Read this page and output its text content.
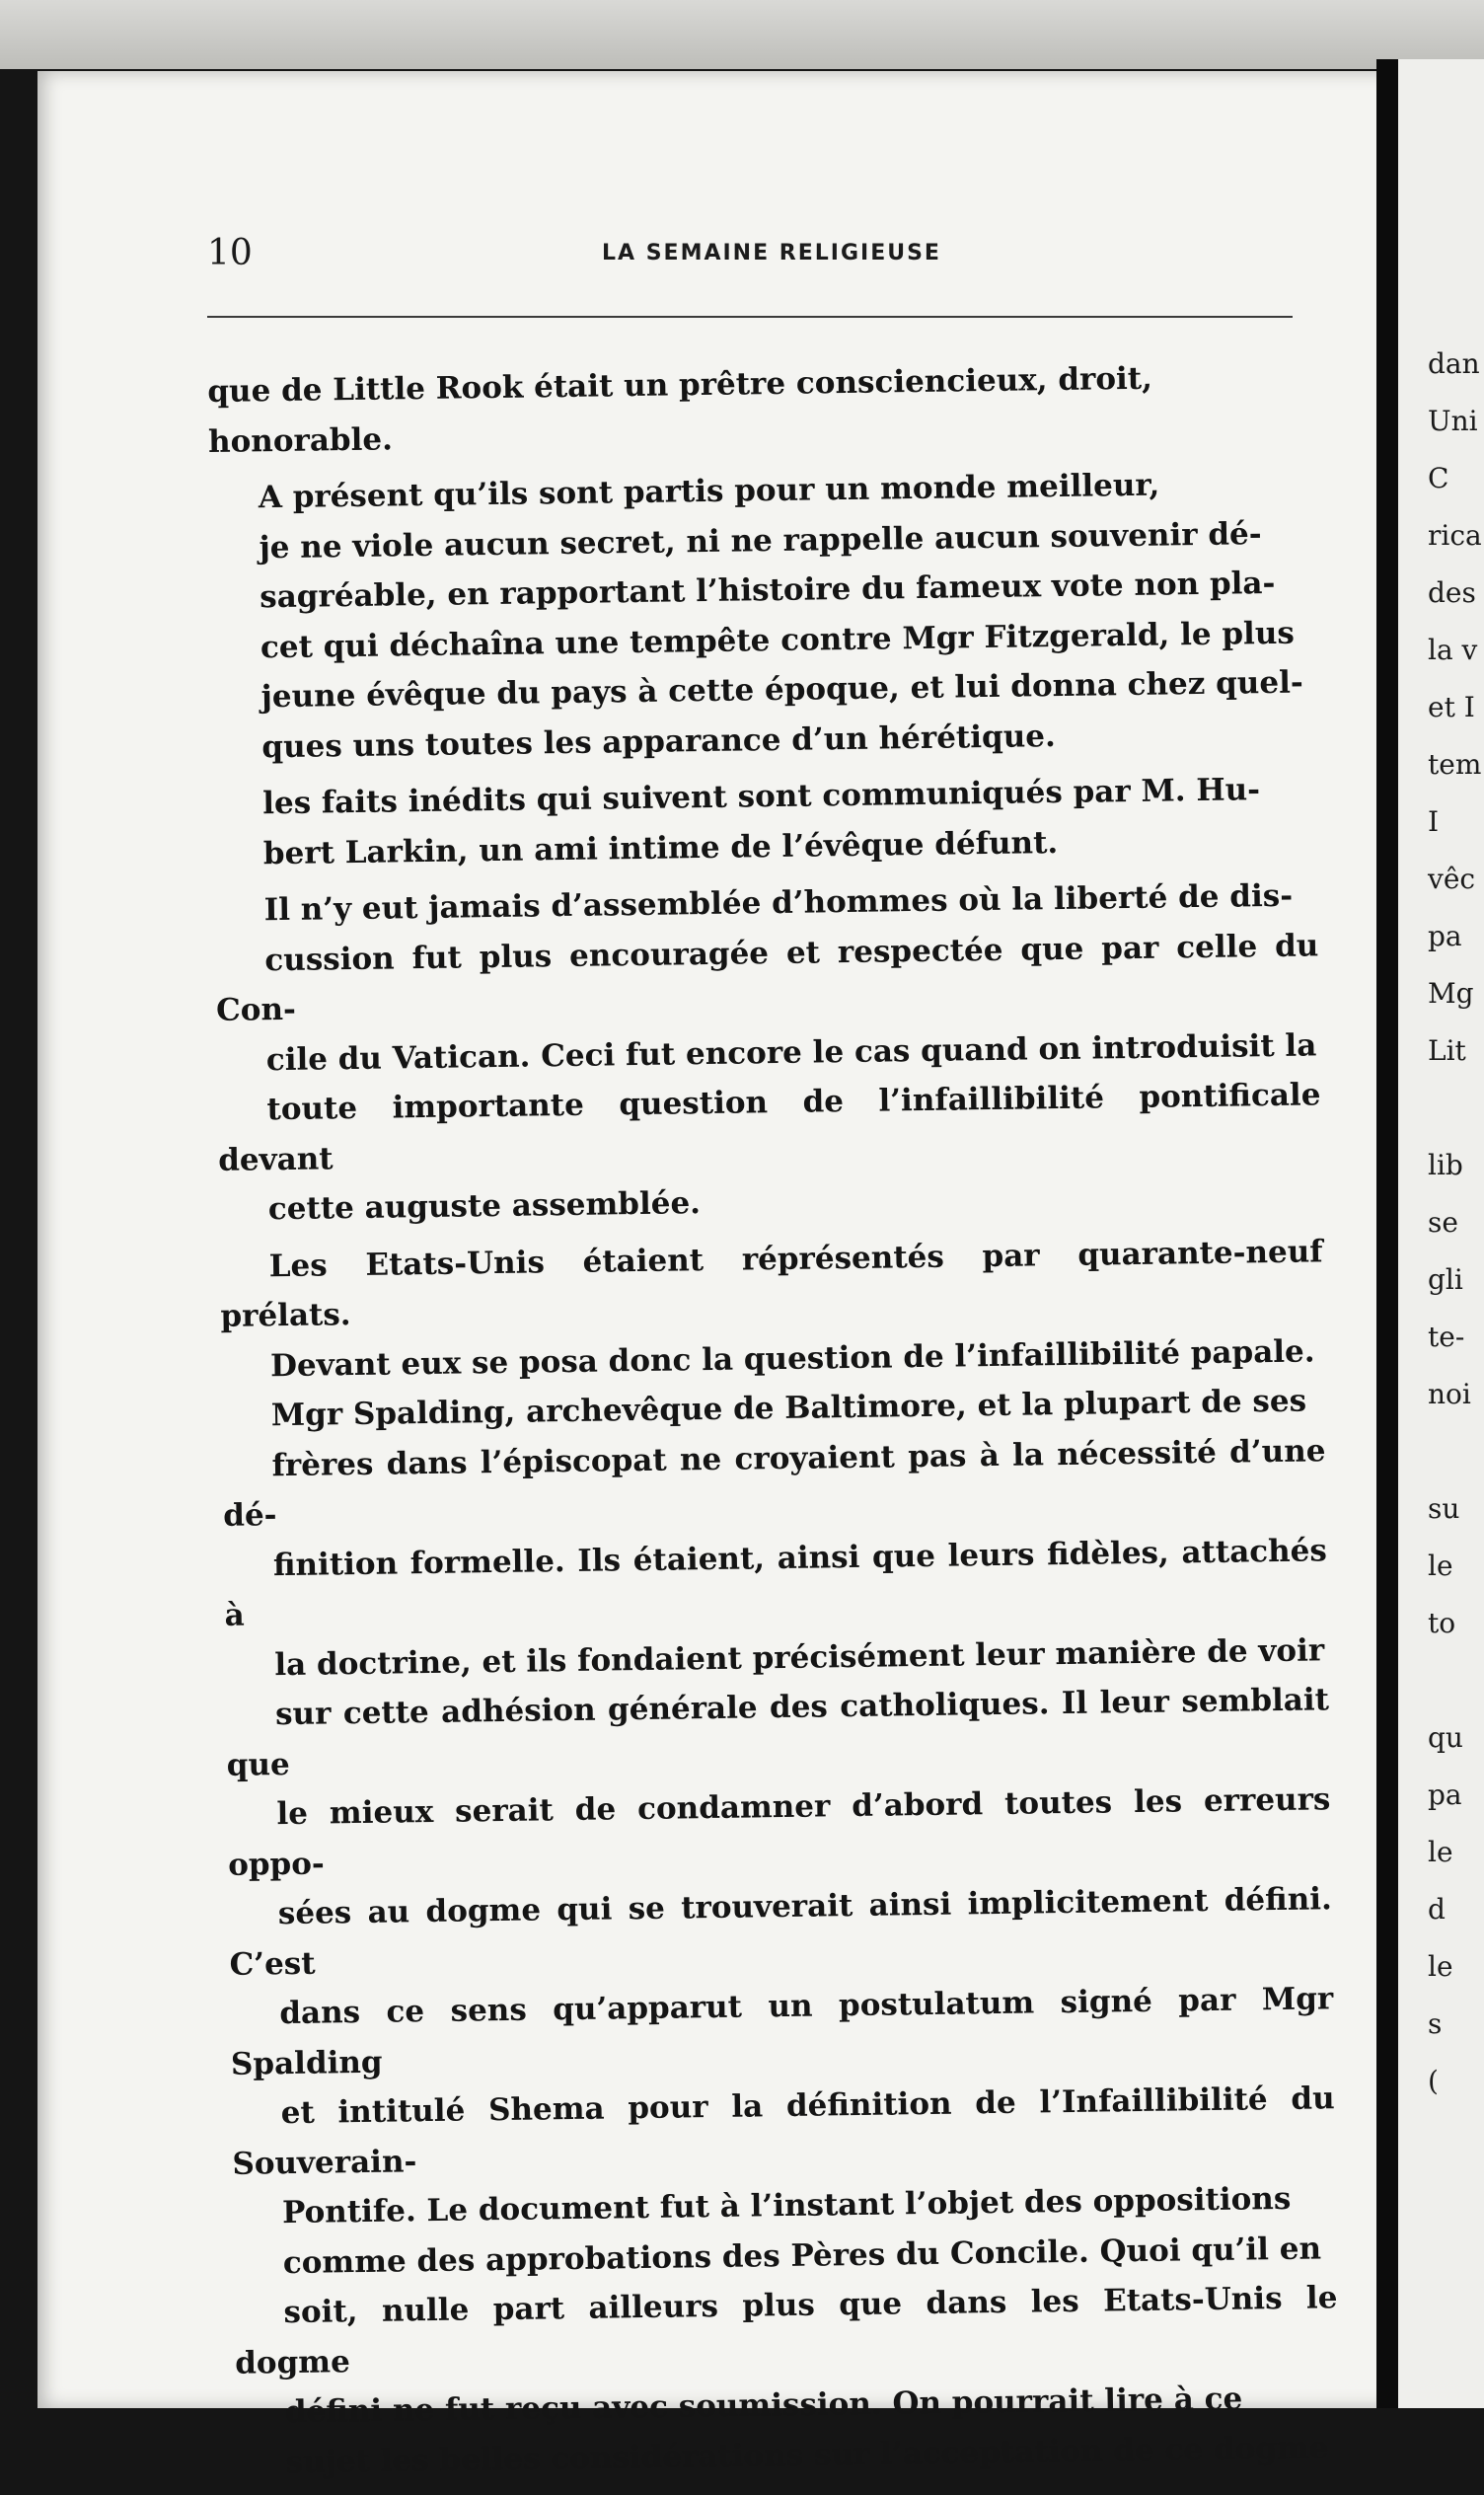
10	LA SEMAINE RELIGIEUSE

que de Little Rook était un prêtre consciencieux, droit,
honorable.

A présent qu’ils sont partis pour un monde meilleur,
je ne viole aucun secret, ni ne rappelle aucun souvenir dé-
sagréable, en rapportant l’histoire du fameux vote non pla-
cet qui déchaîna une tempête contre Mgr Fitzgerald, le plus
jeune évêque du pays à cette époque, et lui donna chez quel-
ques uns toutes les apparance d’un hérétique.

les faits inédits qui suivent sont communiqués par M. Hu-
bert Larkin, un ami intime de l’évêque défunt.

Il n’y eut jamais d’assemblée d’hommes où la liberté de dis-
cussion fut plus encouragée et respectée que par celle du Con-
cile du Vatican. Ceci fut encore le cas quand on introduisit la
toute importante question de l’infaillibilité pontificale devant
cette auguste assemblée.

Les Etats-Unis étaient réprésentés par quarante-neuf prélats.
Devant eux se posa donc la question de l’infaillibilité papale.
Mgr Spalding, archevêque de Baltimore, et la plupart de ses
frères dans l’épiscopat ne croyaient pas à la nécessité d’une dé-
finition formelle. Ils étaient, ainsi que leurs fidèles, attachés à
la doctrine, et ils fondaient précisément leur manière de voir
sur cette adhésion générale des catholiques. Il leur semblait que
le mieux serait de condamner d’abord toutes les erreurs oppo-
sées au dogme qui se trouverait ainsi implicitement défini. C’est
dans ce sens qu’apparut un postulatum signé par Mgr Spalding
et intitulé Shema pour la définition de l’Infaillibilité du Souverain-
Pontife. Le document fut à l’instant l’objet des oppositions
comme des approbations des Pères du Concile. Quoi qu’il en
soit, nulle part ailleurs plus que dans les Etats-Unis le dogme
défini ne fut reçu avec soumission. On pourrait lire à ce
sujet les belles considérations sur l’acceptation de ce dogme

dan
Uni
C
rica
des
la v
et I
tem
I
vêc
pa
Mg
Lit

lib
se
gli
te-
noi

su
le
to

qu
pa
le
d
le
s
(
